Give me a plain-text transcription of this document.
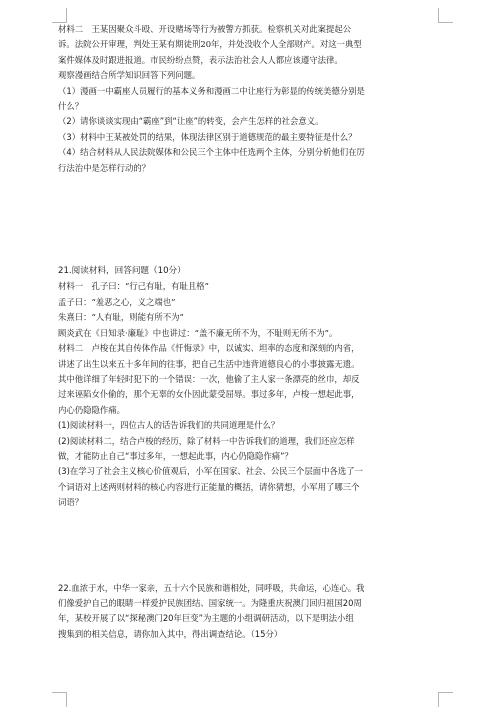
材料二　王某因聚众斗殴、开设赌场等行为被警方抓获。检察机关对此案提起公
诉。法院公开审理，判处王某有期徒刑20年，并处没收个人全部财产。对这一典型
案件媒体及时跟进报道。市民纷纷点赞，表示法治社会人人都应该遵守法律。
观察漫画结合所学知识回答下列问题。
（1）漫画一中霸座人员履行的基本义务和漫画二中让座行为彰显的传统美德分别是
什么？
（2）请你谈谈实现由“霸座”到“让座”的转变，会产生怎样的社会意义。
（3）材料中王某被处罚的结果，体现法律区别于道德规范的最主要特征是什么？
（4）结合材料从人民法院媒体和公民三个主体中任选两个主体，分别分析他们在厉
行法治中是怎样行动的？
21.阅读材料，回答问题（10分）
材料一　孔子曰：“行己有耻，有耻且格”
孟子曰：“羞恶之心，义之端也”
朱熹曰：“人有耻，则能有所不为”
顾炎武在《日知录·廉耻》中也讲过：“盖不廉无所不为，不耻则无所不为”。
材料二　卢梭在其自传体作品《忏悔录》中，以诚实、坦率的态度和深刻的内省，
讲述了出生以来五十多年间的往事，把自己生活中违背道德良心的小事披露无遗。
其中他详细了年轻时犯下的一个错误：一次，他偷了主人家一条漂亮的丝巾，却反
过来诬陷女仆偷的，那个无辜的女仆因此蒙受屈辱。事过多年，卢梭一想起此事，
内心仍隐隐作痛。
(1)阅读材料一，四位古人的话告诉我们的共同道理是什么？
(2)阅读材料二，结合卢梭的经历，除了材料一中告诉我们的道理，我们还应怎样
做，才能防止自己“事过多年，一想起此事，内心仍隐隐作痛”？
(3)在学习了社会主义核心价值观后，小军在国家、社会、公民三个层面中各选了一
个词语对上述两则材料的核心内容进行正能量的概括，请你猜想，小军用了哪三个
词语？
22.血浓于水，中华一家亲，五十六个民族和谐相处，同呼吸，共命运，心连心。我
们像爱护自己的眼睛一样爱护民族团结、国家统一。为隆重庆祝澳门回归祖国20周
年，某校开展了以“探秘澳门20年巨变”为主题的小组调研活动，以下是明法小组
搜集到的相关信息，请你加入其中，得出调查结论。（15分）
